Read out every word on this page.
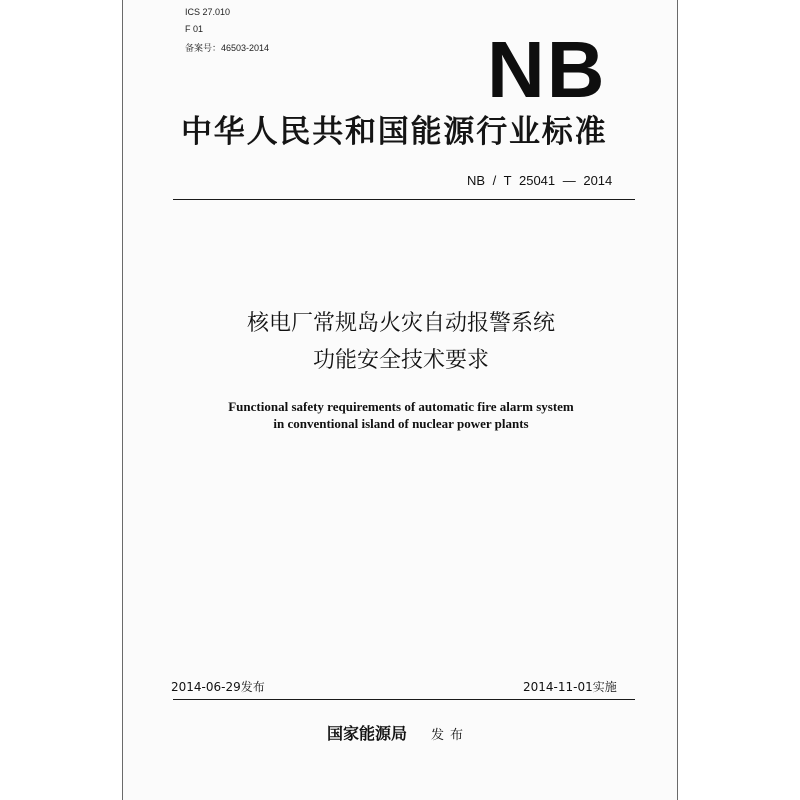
ICS 27.010
F 01
备案号：46503-2014	NB
中华人民共和国能源行业标准
NB / T 25041 — 2014
核电厂常规岛火灾自动报警系统
功能安全技术要求
Functional safety requirements of automatic fire alarm system
in conventional island of nuclear power plants
2014-06-29发布	2014-11-01实施
国家能源局 发布
